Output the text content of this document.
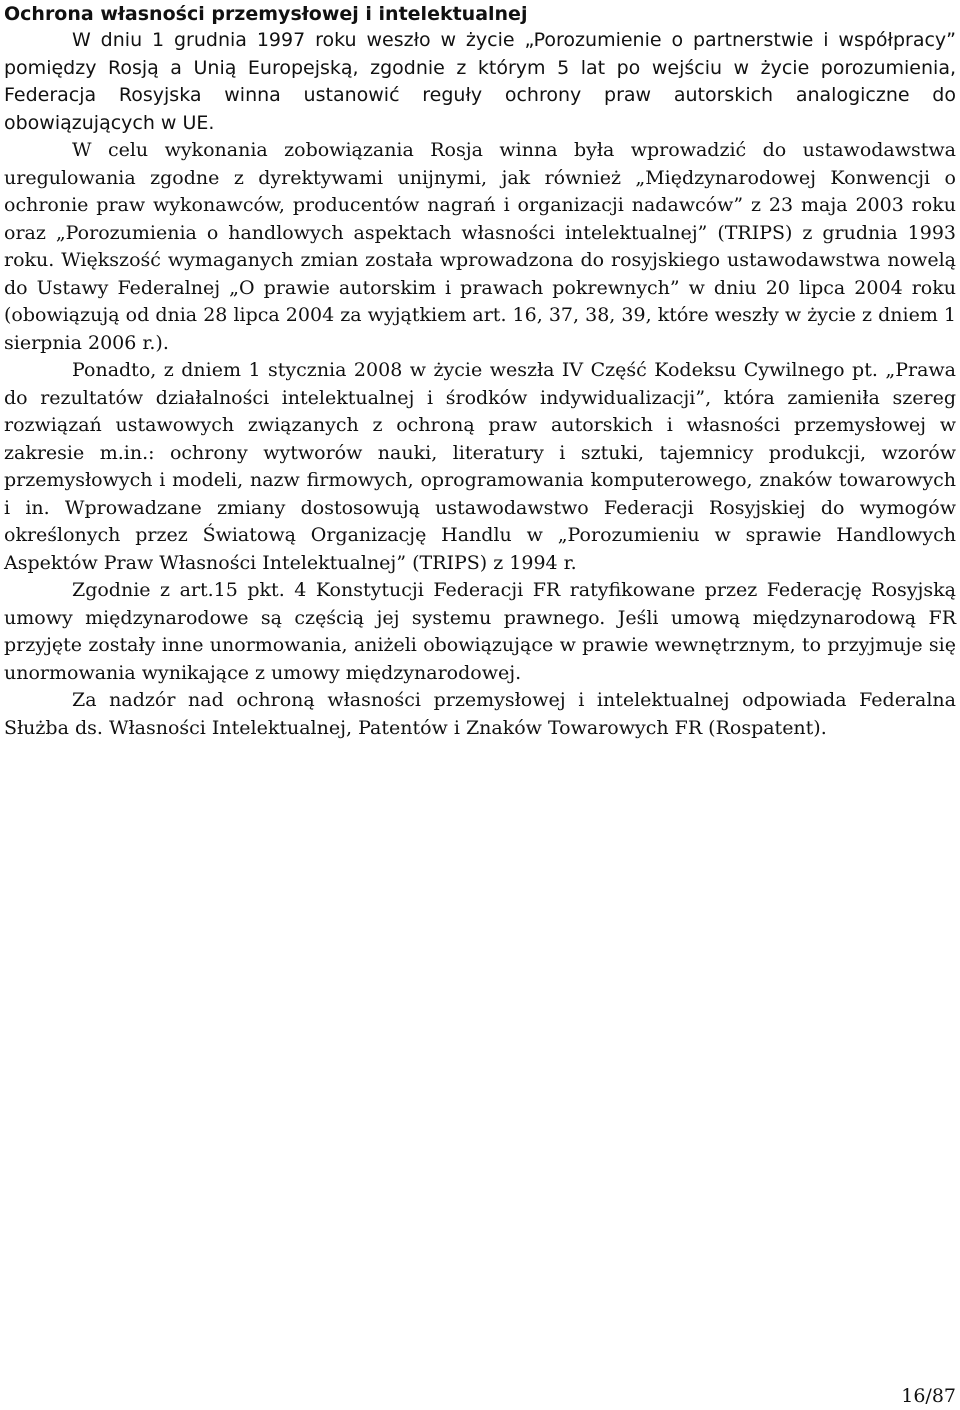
Ochrona własności przemysłowej i intelektualnej

W dniu 1 grudnia 1997 roku weszło w życie „Porozumienie o partnerstwie i współpracy” pomiędzy Rosją a Unią Europejską, zgodnie z którym 5 lat po wejściu w życie porozumienia, Federacja Rosyjska winna ustanowić reguły ochrony praw autorskich analogiczne do obowiązujących w UE.

W celu wykonania zobowiązania Rosja winna była wprowadzić do ustawodawstwa uregulowania zgodne z dyrektywami unijnymi, jak również „Międzynarodowej Konwencji o ochronie praw wykonawców, producentów nagrań i organizacji nadawców” z 23 maja 2003 roku oraz „Porozumienia o handlowych aspektach własności intelektualnej” (TRIPS) z grudnia 1993 roku. Większość wymaganych zmian została wprowadzona do rosyjskiego ustawodawstwa nowelą do Ustawy Federalnej „O prawie autorskim i prawach pokrewnych” w dniu 20 lipca 2004 roku (obowiązują od dnia 28 lipca 2004 za wyjątkiem art. 16, 37, 38, 39, które weszły w życie z dniem 1 sierpnia 2006 r.).

Ponadto, z dniem 1 stycznia 2008 w życie weszła IV Część Kodeksu Cywilnego pt. „Prawa do rezultatów działalności intelektualnej i środków indywidualizacji”, która zamieniła szereg rozwiązań ustawowych związanych z ochroną praw autorskich i własności przemysłowej w zakresie m.in.: ochrony wytworów nauki, literatury i sztuki, tajemnicy produkcji, wzorów przemysłowych i modeli, nazw firmowych, oprogramowania komputerowego, znaków towarowych i in. Wprowadzane zmiany dostosowują ustawodawstwo Federacji Rosyjskiej do wymogów określonych przez Światową Organizację Handlu w „Porozumieniu w sprawie Handlowych Aspektów Praw Własności Intelektualnej” (TRIPS) z 1994 r.

Zgodnie z art.15 pkt. 4 Konstytucji Federacji FR ratyfikowane przez Federację Rosyjską umowy międzynarodowe są częścią jej systemu prawnego. Jeśli umową międzynarodową FR przyjęte zostały inne unormowania, aniżeli obowiązujące w prawie wewnętrznym, to przyjmuje się unormowania wynikające z umowy międzynarodowej.

Za nadzór nad ochroną własności przemysłowej i intelektualnej odpowiada Federalna Służba ds. Własności Intelektualnej, Patentów i Znaków Towarowych FR (Rospatent).

16/87
